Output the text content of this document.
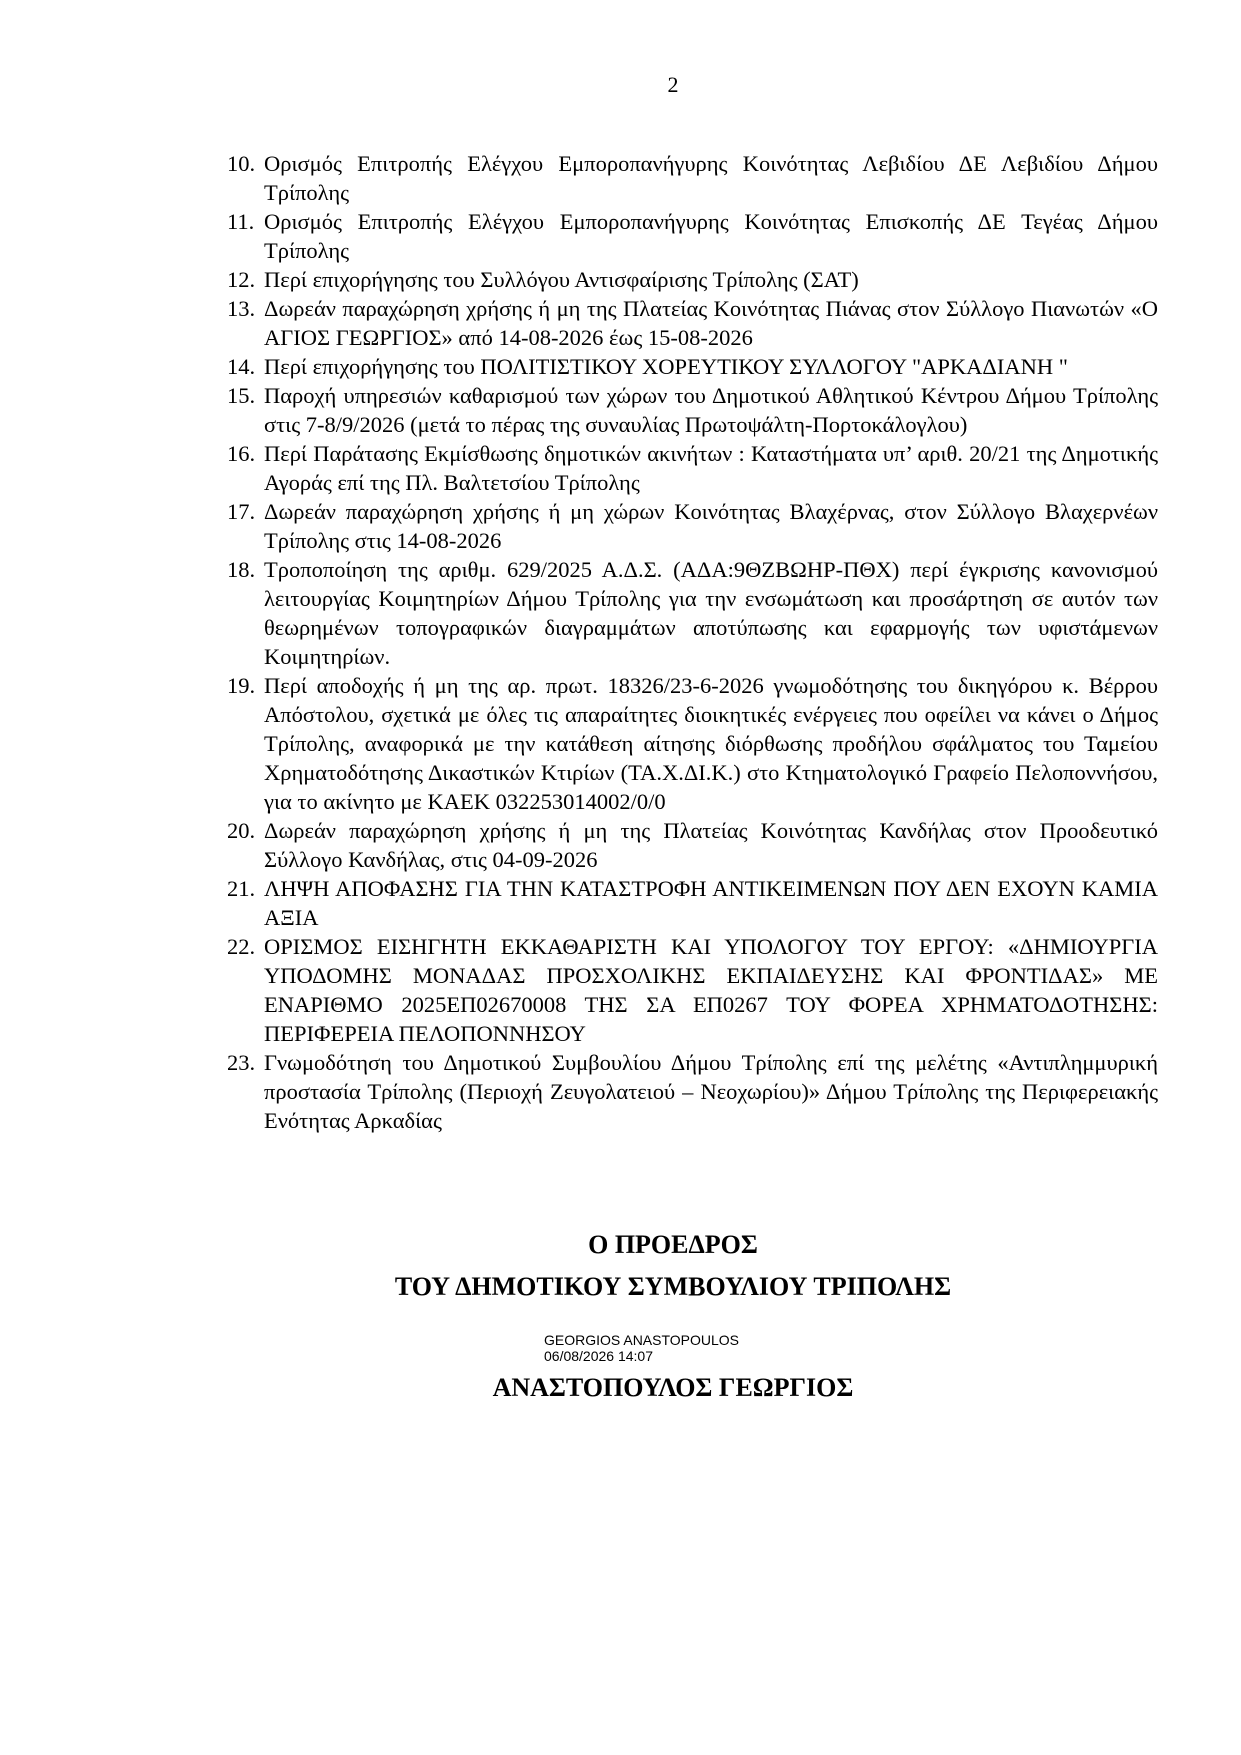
2
10. Ορισμός Επιτροπής Ελέγχου Εμποροπανήγυρης Κοινότητας Λεβιδίου ΔΕ Λεβιδίου Δήμου Τρίπολης
11. Ορισμός Επιτροπής Ελέγχου Εμποροπανήγυρης Κοινότητας Επισκοπής ΔΕ Τεγέας Δήμου Τρίπολης
12. Περί επιχορήγησης του Συλλόγου Αντισφαίρισης Τρίπολης (ΣΑΤ)
13. Δωρεάν παραχώρηση χρήσης ή μη της Πλατείας Κοινότητας Πιάνας στον Σύλλογο Πιανωτών «Ο ΑΓΙΟΣ ΓΕΩΡΓΙΟΣ» από 14-08-2026 έως 15-08-2026
14. Περί επιχορήγησης του ΠΟΛΙΤΙΣΤΙΚΟΥ ΧΟΡΕΥΤΙΚΟΥ ΣΥΛΛΟΓΟΥ "ΑΡΚΑΔΙΑΝΗ "
15. Παροχή υπηρεσιών καθαρισμού των χώρων του Δημοτικού Αθλητικού Κέντρου Δήμου Τρίπολης στις 7-8/9/2026 (μετά το πέρας της συναυλίας Πρωτοψάλτη-Πορτοκάλογλου)
16. Περί Παράτασης Εκμίσθωσης δημοτικών ακινήτων : Καταστήματα υπ’ αριθ. 20/21 της Δημοτικής Αγοράς επί της Πλ. Βαλτετσίου Τρίπολης
17. Δωρεάν παραχώρηση χρήσης ή μη χώρων Κοινότητας Βλαχέρνας, στον Σύλλογο Βλαχερνέων Τρίπολης στις 14-08-2026
18. Τροποποίηση της αριθμ. 629/2025 Α.Δ.Σ. (ΑΔΑ:9ΘΖΒΩΗΡ-ΠΘΧ) περί έγκρισης κανονισμού λειτουργίας Κοιμητηρίων Δήμου Τρίπολης για την ενσωμάτωση και προσάρτηση σε αυτόν των θεωρημένων τοπογραφικών διαγραμμάτων αποτύπωσης και εφαρμογής των υφιστάμενων Κοιμητηρίων.
19. Περί αποδοχής ή μη της αρ. πρωτ. 18326/23-6-2026 γνωμοδότησης του δικηγόρου κ. Βέρρου Απόστολου, σχετικά με όλες τις απαραίτητες διοικητικές ενέργειες που οφείλει να κάνει ο Δήμος Τρίπολης, αναφορικά με την κατάθεση αίτησης διόρθωσης προδήλου σφάλματος του Ταμείου Χρηματοδότησης Δικαστικών Κτιρίων (ΤΑ.Χ.ΔΙ.Κ.) στο Κτηματολογικό Γραφείο Πελοποννήσου, για το ακίνητο με ΚΑΕΚ 032253014002/0/0
20. Δωρεάν παραχώρηση χρήσης ή μη της Πλατείας Κοινότητας Κανδήλας στον Προοδευτικό Σύλλογο Κανδήλας, στις 04-09-2026
21. ΛΗΨΗ ΑΠΟΦΑΣΗΣ ΓΙΑ ΤΗΝ ΚΑΤΑΣΤΡΟΦΗ ΑΝΤΙΚΕΙΜΕΝΩΝ ΠΟΥ ΔΕΝ ΕΧΟΥΝ ΚΑΜΙΑ ΑΞΙΑ
22. ΟΡΙΣΜΟΣ ΕΙΣΗΓΗΤΗ ΕΚΚΑΘΑΡΙΣΤΗ ΚΑΙ ΥΠΟΛΟΓΟΥ ΤΟΥ ΕΡΓΟΥ: «ΔΗΜΙΟΥΡΓΙΑ ΥΠΟΔΟΜΗΣ ΜΟΝΑΔΑΣ ΠΡΟΣΧΟΛΙΚΗΣ ΕΚΠΑΙΔΕΥΣΗΣ ΚΑΙ ΦΡΟΝΤΙΔΑΣ» ΜΕ ΕΝΑΡΙΘΜΟ 2025ΕΠ02670008 ΤΗΣ ΣΑ ΕΠ0267 ΤΟΥ ΦΟΡΕΑ ΧΡΗΜΑΤΟΔΟΤΗΣΗΣ: ΠΕΡΙΦΕΡΕΙΑ ΠΕΛΟΠΟΝΝΗΣΟΥ
23. Γνωμοδότηση του Δημοτικού Συμβουλίου Δήμου Τρίπολης επί της μελέτης «Αντιπλημμυρική προστασία Τρίπολης (Περιοχή Ζευγολατειού – Νεοχωρίου)» Δήμου Τρίπολης της Περιφερειακής Ενότητας Αρκαδίας
Ο ΠΡΟΕΔΡΟΣ
ΤΟΥ ΔΗΜΟΤΙΚΟΥ ΣΥΜΒΟΥΛΙΟΥ ΤΡΙΠΟΛΗΣ
GEORGIOS ANASTOPOULOS
06/08/2026 14:07
ΑΝΑΣΤΟΠΟΥΛΟΣ ΓΕΩΡΓΙΟΣ
